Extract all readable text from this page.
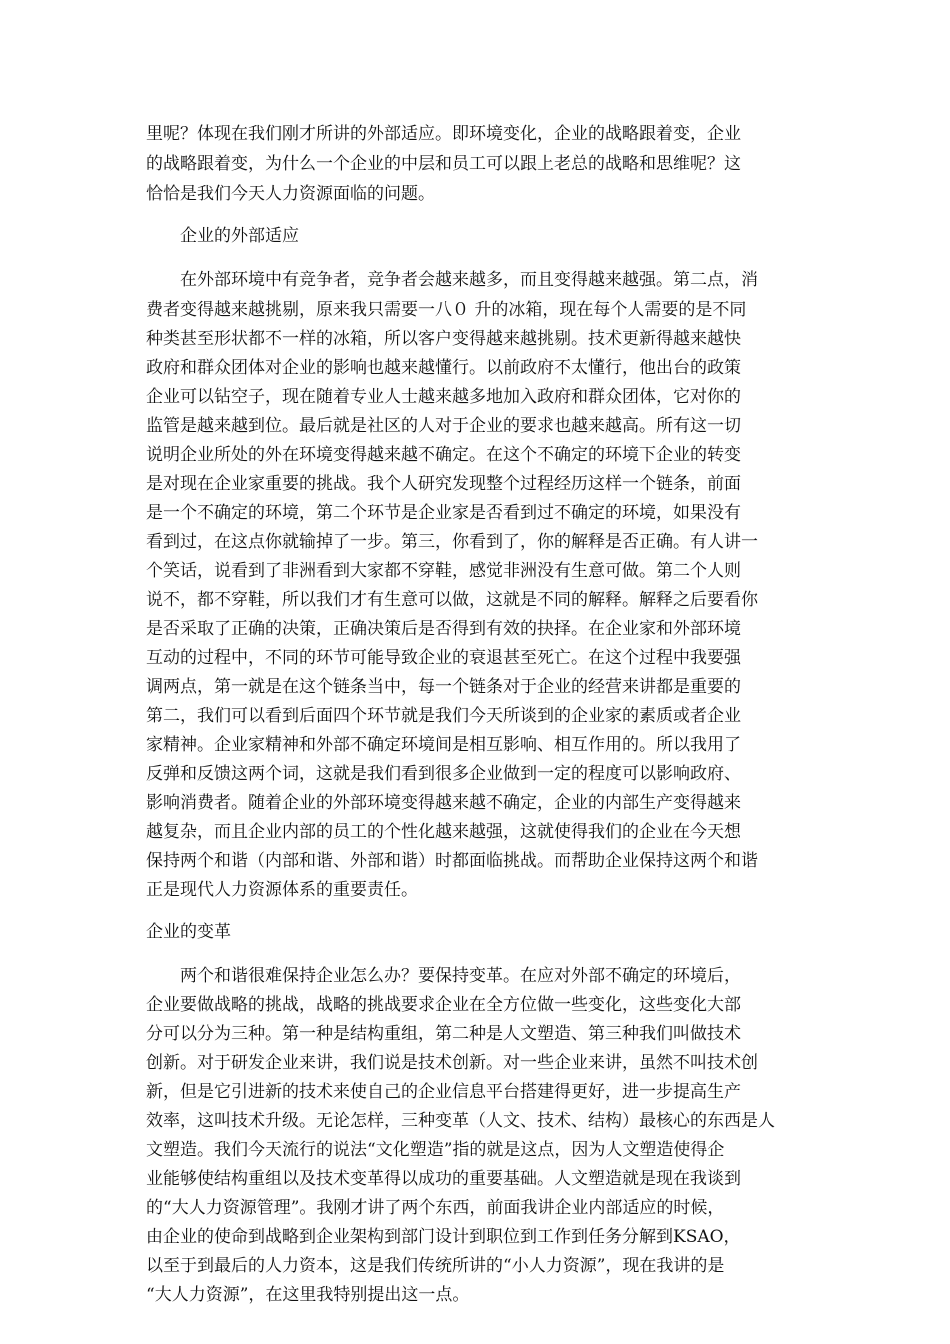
里呢？体现在我们刚才所讲的外部适应。即环境变化，企业的战略跟着变，企业
的战略跟着变，为什么一个企业的中层和员工可以跟上老总的战略和思维呢？这
恰恰是我们今天人力资源面临的问题。
企业的外部适应
在外部环境中有竞争者，竞争者会越来越多，而且变得越来越强。第二点，消
费者变得越来越挑剔，原来我只需要一八０ 升的冰箱，现在每个人需要的是不同
种类甚至形状都不一样的冰箱，所以客户变得越来越挑剔。技术更新得越来越快
政府和群众团体对企业的影响也越来越懂行。以前政府不太懂行，他出台的政策
企业可以钻空子，现在随着专业人士越来越多地加入政府和群众团体，它对你的
监管是越来越到位。最后就是社区的人对于企业的要求也越来越高。所有这一切
说明企业所处的外在环境变得越来越不确定。在这个不确定的环境下企业的转变
是对现在企业家重要的挑战。我个人研究发现整个过程经历这样一个链条，前面
是一个不确定的环境，第二个环节是企业家是否看到过不确定的环境，如果没有
看到过，在这点你就输掉了一步。第三，你看到了，你的解释是否正确。有人讲一
个笑话，说看到了非洲看到大家都不穿鞋，感觉非洲没有生意可做。第二个人则
说不，都不穿鞋，所以我们才有生意可以做，这就是不同的解释。解释之后要看你
是否采取了正确的决策，正确决策后是否得到有效的抉择。在企业家和外部环境
互动的过程中，不同的环节可能导致企业的衰退甚至死亡。在这个过程中我要强
调两点，第一就是在这个链条当中，每一个链条对于企业的经营来讲都是重要的
第二，我们可以看到后面四个环节就是我们今天所谈到的企业家的素质或者企业
家精神。企业家精神和外部不确定环境间是相互影响、相互作用的。所以我用了
反弹和反馈这两个词，这就是我们看到很多企业做到一定的程度可以影响政府、
影响消费者。随着企业的外部环境变得越来越不确定，企业的内部生产变得越来
越复杂，而且企业内部的员工的个性化越来越强，这就使得我们的企业在今天想
保持两个和谐（内部和谐、外部和谐）时都面临挑战。而帮助企业保持这两个和谐
正是现代人力资源体系的重要责任。
企业的变革
两个和谐很难保持企业怎么办？要保持变革。在应对外部不确定的环境后，
企业要做战略的挑战，战略的挑战要求企业在全方位做一些变化，这些变化大部
分可以分为三种。第一种是结构重组，第二种是人文塑造、第三种我们叫做技术
创新。对于研发企业来讲，我们说是技术创新。对一些企业来讲，虽然不叫技术创
新，但是它引进新的技术来使自己的企业信息平台搭建得更好，进一步提高生产
效率，这叫技术升级。无论怎样，三种变革（人文、技术、结构）最核心的东西是人
文塑造。我们今天流行的说法“文化塑造”指的就是这点，因为人文塑造使得企
业能够使结构重组以及技术变革得以成功的重要基础。人文塑造就是现在我谈到
的“大人力资源管理”。我刚才讲了两个东西，前面我讲企业内部适应的时候，
由企业的使命到战略到企业架构到部门设计到职位到工作到任务分解到KSAO，
以至于到最后的人力资本，这是我们传统所讲的“小人力资源”，现在我讲的是
“大人力资源”，在这里我特别提出这一点。
